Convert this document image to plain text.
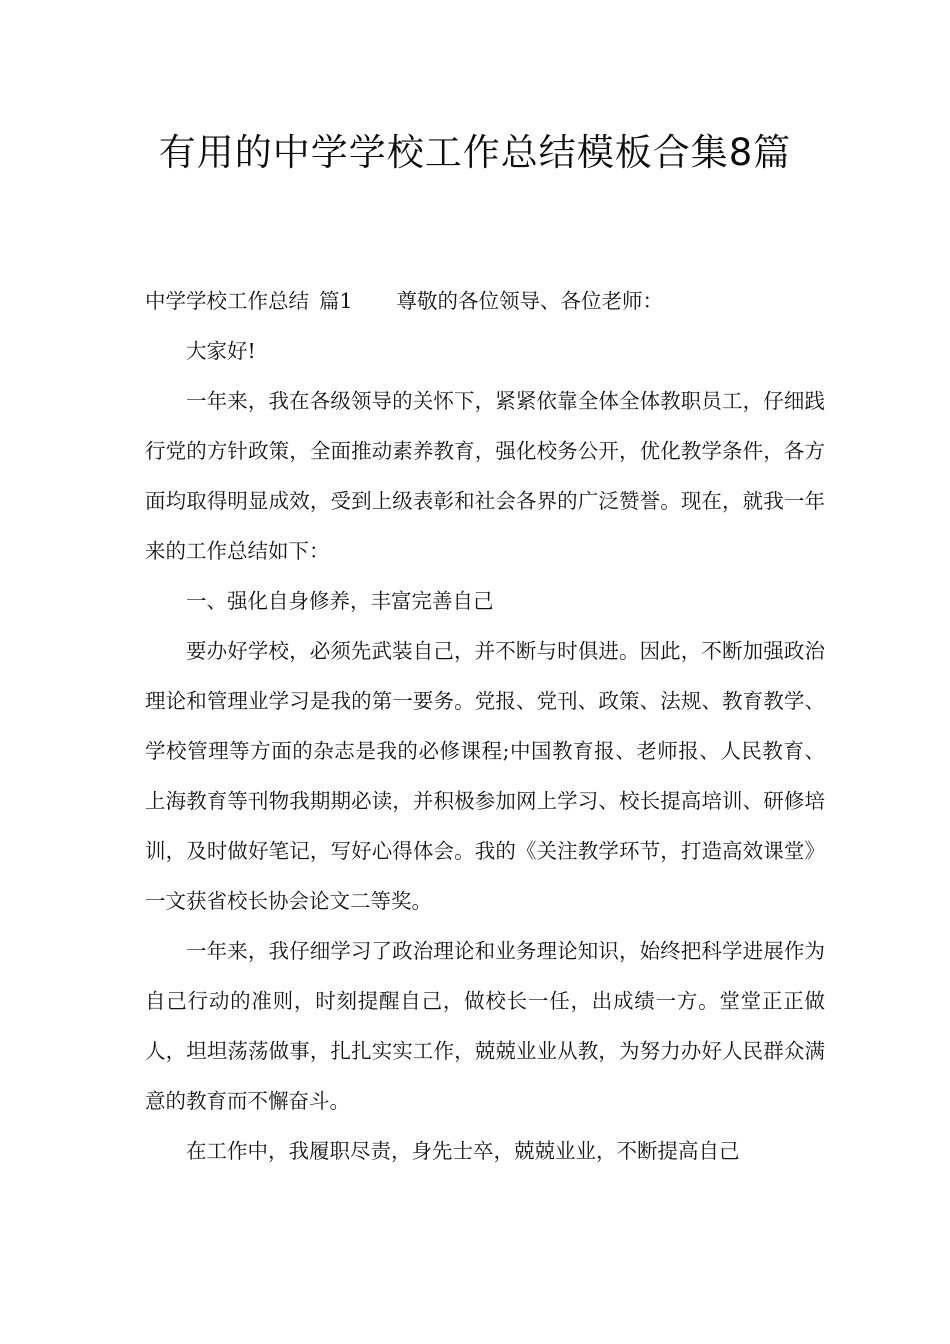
有用的中学学校工作总结模板合集8篇

中学学校工作总结 篇1 尊敬的各位领导、各位老师：

大家好!

一年来，我在各级领导的关怀下，紧紧依靠全体全体教职员工，仔细践行党的方针政策，全面推动素养教育，强化校务公开，优化教学条件，各方面均取得明显成效，受到上级表彰和社会各界的广泛赞誉。现在，就我一年来的工作总结如下：

一、强化自身修养，丰富完善自己

要办好学校，必须先武装自己，并不断与时俱进。因此，不断加强政治理论和管理业学习是我的第一要务。党报、党刊、政策、法规、教育教学、学校管理等方面的杂志是我的必修课程;中国教育报、老师报、人民教育、上海教育等刊物我期期必读，并积极参加网上学习、校长提高培训、研修培训，及时做好笔记，写好心得体会。我的《关注教学环节，打造高效课堂》一文获省校长协会论文二等奖。

一年来，我仔细学习了政治理论和业务理论知识，始终把科学进展作为自己行动的准则，时刻提醒自己，做校长一任，出成绩一方。堂堂正正做人，坦坦荡荡做事，扎扎实实工作，兢兢业业从教，为努力办好人民群众满意的教育而不懈奋斗。

在工作中，我履职尽责，身先士卒，兢兢业业，不断提高自己
